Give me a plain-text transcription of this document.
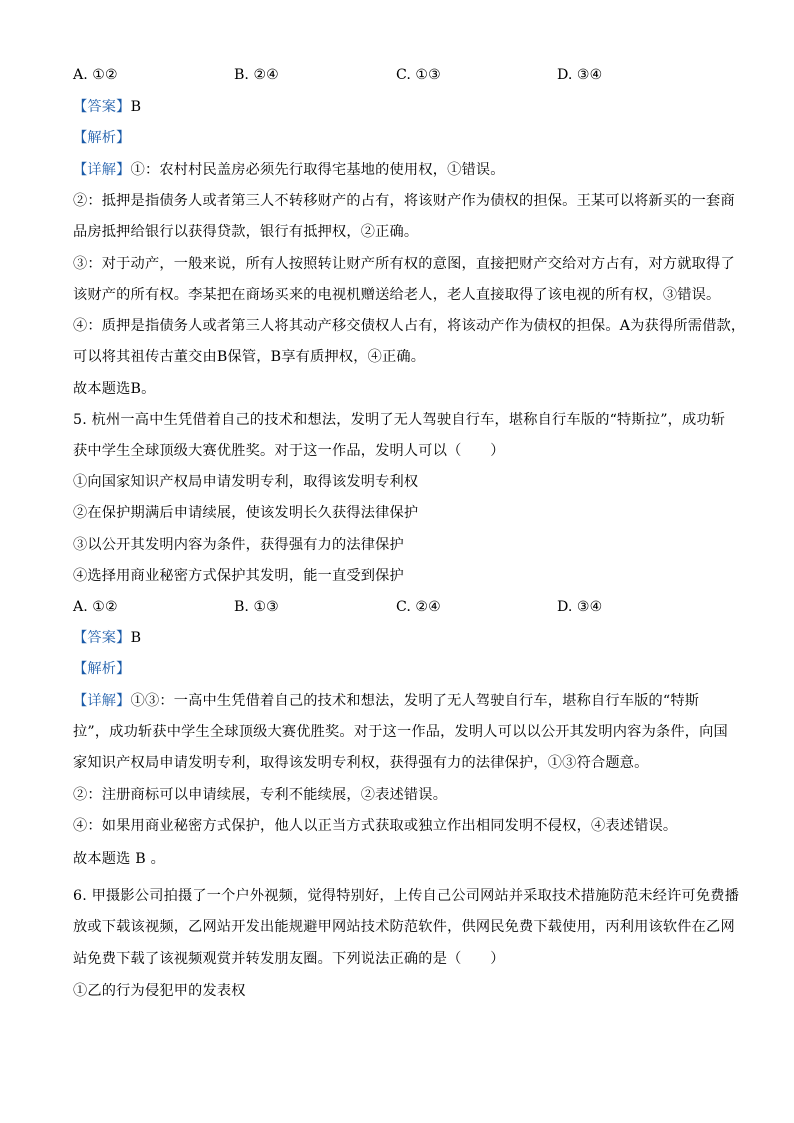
A. ①②	B. ②④	C. ①③	D. ③④
【答案】B
【解析】
【详解】①：农村村民盖房必须先行取得宅基地的使用权，①错误。
②：抵押是指债务人或者第三人不转移财产的占有，将该财产作为债权的担保。王某可以将新买的一套商
品房抵押给银行以获得贷款，银行有抵押权，②正确。
③：对于动产，一般来说，所有人按照转让财产所有权的意图，直接把财产交给对方占有，对方就取得了
该财产的所有权。李某把在商场买来的电视机赠送给老人，老人直接取得了该电视的所有权，③错误。
④：质押是指债务人或者第三人将其动产移交债权人占有，将该动产作为债权的担保。A为获得所需借款，
可以将其祖传古董交由B保管，B享有质押权，④正确。
故本题选B。
5. 杭州一高中生凭借着自己的技术和想法，发明了无人驾驶自行车，堪称自行车版的“特斯拉”，成功斩
获中学生全球顶级大赛优胜奖。对于这一作品，发明人可以（　　）
①向国家知识产权局申请发明专利，取得该发明专利权
②在保护期满后申请续展，使该发明长久获得法律保护
③以公开其发明内容为条件，获得强有力的法律保护
④选择用商业秘密方式保护其发明，能一直受到保护
A. ①②	B. ①③	C. ②④	D. ③④
【答案】B
【解析】
【详解】①③：一高中生凭借着自己的技术和想法，发明了无人驾驶自行车，堪称自行车版的“特斯
拉”，成功斩获中学生全球顶级大赛优胜奖。对于这一作品，发明人可以以公开其发明内容为条件，向国
家知识产权局申请发明专利，取得该发明专利权，获得强有力的法律保护，①③符合题意。
②：注册商标可以申请续展，专利不能续展，②表述错误。
④：如果用商业秘密方式保护，他人以正当方式获取或独立作出相同发明不侵权，④表述错误。
故本题选 B 。
6. 甲摄影公司拍摄了一个户外视频，觉得特别好，上传自己公司网站并采取技术措施防范未经许可免费播
放或下载该视频，乙网站开发出能规避甲网站技术防范软件，供网民免费下载使用，丙利用该软件在乙网
站免费下载了该视频观赏并转发朋友圈。下列说法正确的是（　　）
①乙的行为侵犯甲的发表权
